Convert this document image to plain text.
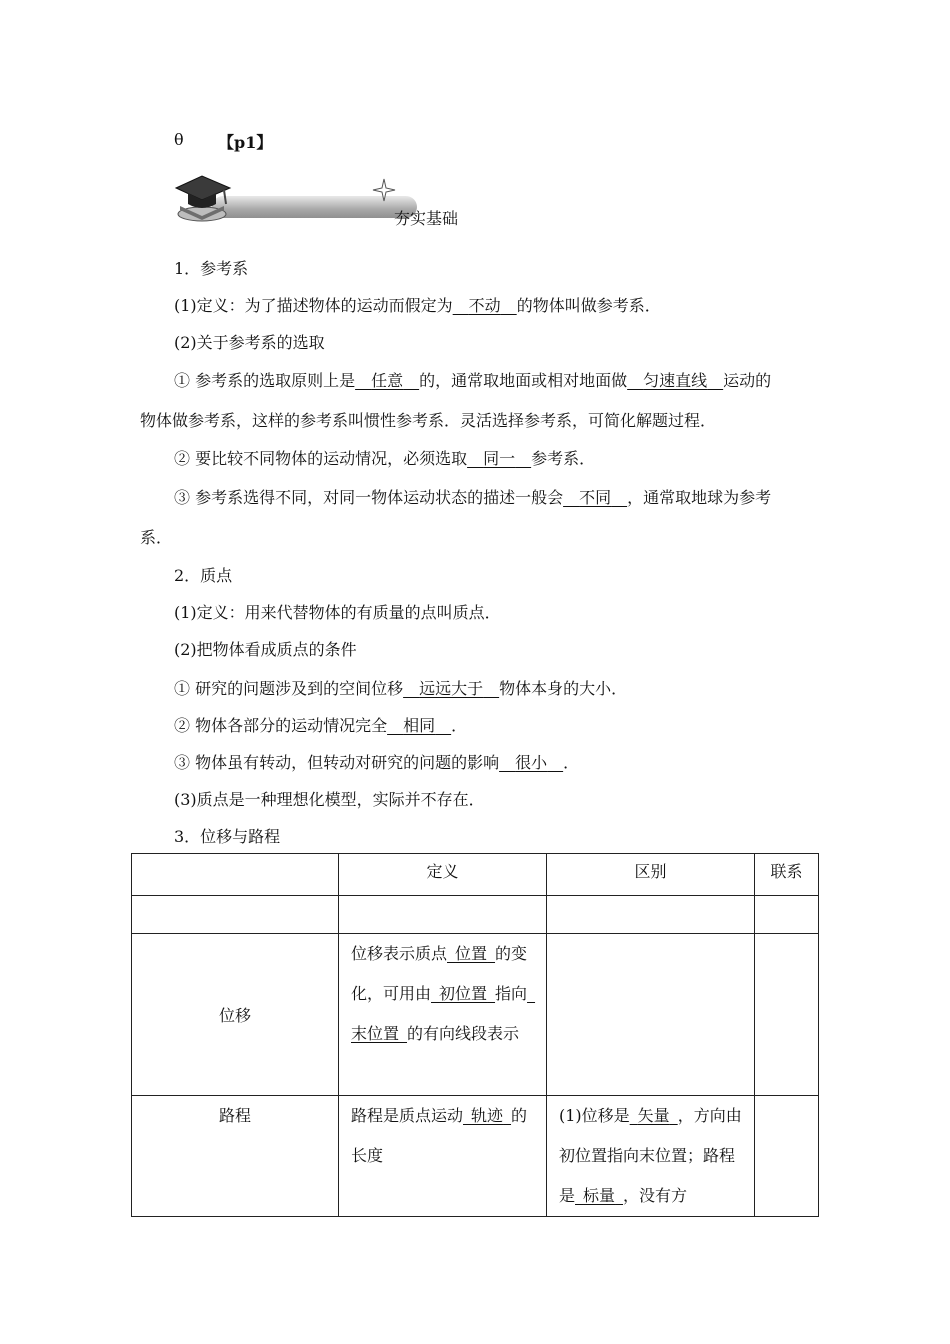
θ 【p1】
夯实基础
1．参考系
(1)定义：为了描述物体的运动而假定为  不动  的物体叫做参考系．
(2)关于参考系的选取
① 参考系的选取原则上是  任意  的，通常取地面或相对地面做  匀速直线  运动的
物体做参考系，这样的参考系叫惯性参考系．灵活选择参考系，可简化解题过程．
② 要比较不同物体的运动情况，必须选取  同一  参考系．
③ 参考系选得不同，对同一物体运动状态的描述一般会  不同  ，通常取地球为参考
系．
2．质点
(1)定义：用来代替物体的有质量的点叫质点．
(2)把物体看成质点的条件
① 研究的问题涉及到的空间位移  远远大于  物体本身的大小．
② 物体各部分的运动情况完全  相同  ．
③ 物体虽有转动，但转动对研究的问题的影响  很小  ．
(3)质点是一种理想化模型，实际并不存在．
3．位移与路程

	定义	区别	联系

位移	位移表示质点  位置  的变化，可用由  初位置  指向 末位置  的有向线段表示		

路程	路程是质点运动  轨迹  的长度	(1)位移是  矢量  ，方向由初位置指向末位置；路程是  标量  ，没有方	
